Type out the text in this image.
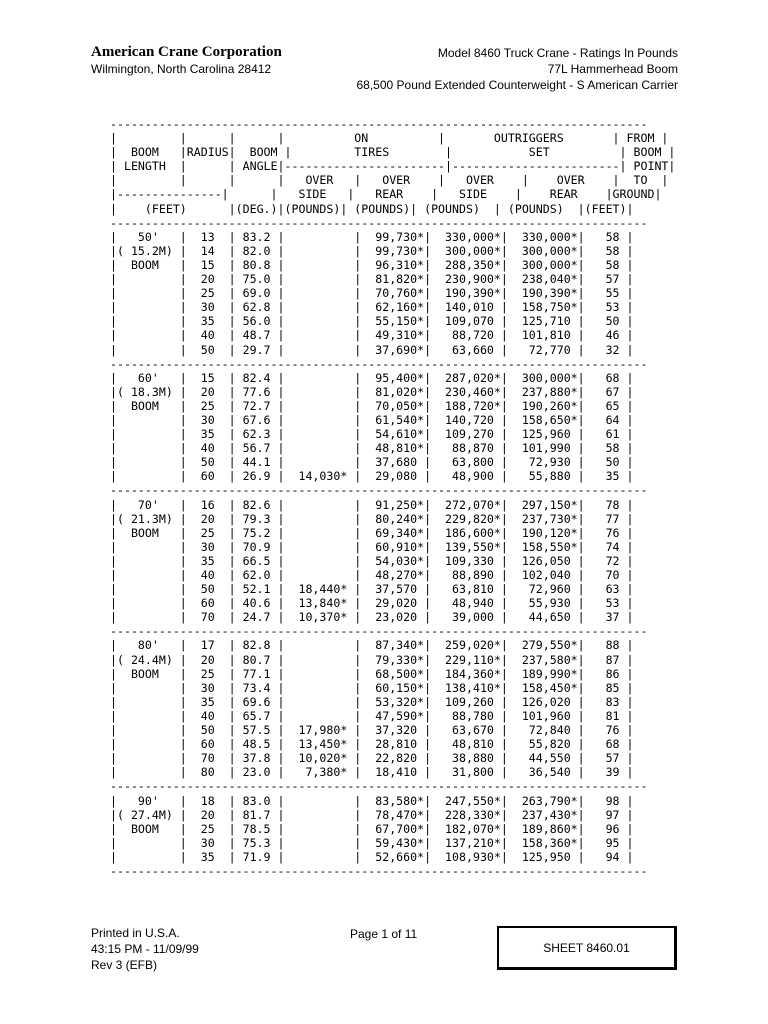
American Crane Corporation
Wilmington, North Carolina 28412
Model 8460 Truck Crane - Ratings In Pounds
77L Hammerhead Boom
68,500 Pound Extended Counterweight - S American Carrier
-----------------------------------------------------------------------------
|         |      |      |          ON          |       OUTRIGGERS       | FROM |
|  BOOM   |RADIUS|  BOOM |         TIRES        |           SET          | BOOM |
| LENGTH  |      | ANGLE|-----------------------|------------------------| POINT|
|         |      |      |   OVER   |   OVER    |   OVER    |    OVER    |  TO  |
|---------------|      |   SIDE   |   REAR    |   SIDE    |    REAR    |GROUND|
|    (FEET)      |(DEG.)|(POUNDS)| (POUNDS)| (POUNDS)  | (POUNDS)  |(FEET)|
-----------------------------------------------------------------------------
|   50'   |  13  | 83.2 |          |  99,730*|  330,000*|  330,000*|   58 |
|( 15.2M) |  14  | 82.0 |          |  99,730*|  300,000*|  300,000*|   58 |
|  BOOM   |  15  | 80.8 |          |  96,310*|  288,350*|  300,000*|   58 |
|         |  20  | 75.0 |          |  81,820*|  230,900*|  238,040*|   57 |
|         |  25  | 69.0 |          |  70,760*|  190,390*|  190,390*|   55 |
|         |  30  | 62.8 |          |  62,160*|  140,010 |  158,750*|   53 |
|         |  35  | 56.0 |          |  55,150*|  109,070 |  125,710 |   50 |
|         |  40  | 48.7 |          |  49,310*|   88,720 |  101,810 |   46 |
|         |  50  | 29.7 |          |  37,690*|   63,660 |   72,770 |   32 |
-----------------------------------------------------------------------------
|   60'   |  15  | 82.4 |          |  95,400*|  287,020*|  300,000*|   68 |
|( 18.3M) |  20  | 77.6 |          |  81,020*|  230,460*|  237,880*|   67 |
|  BOOM   |  25  | 72.7 |          |  70,050*|  188,720*|  190,260*|   65 |
|         |  30  | 67.6 |          |  61,540*|  140,720 |  158,650*|   64 |
|         |  35  | 62.3 |          |  54,610*|  109,270 |  125,960 |   61 |
|         |  40  | 56.7 |          |  48,810*|   88,870 |  101,990 |   58 |
|         |  50  | 44.1 |          |  37,680 |   63,800 |   72,930 |   50 |
|         |  60  | 26.9 |  14,030* |  29,080 |   48,900 |   55,880 |   35 |
-----------------------------------------------------------------------------
|   70'   |  16  | 82.6 |          |  91,250*|  272,070*|  297,150*|   78 |
|( 21.3M) |  20  | 79.3 |          |  80,240*|  229,820*|  237,730*|   77 |
|  BOOM   |  25  | 75.2 |          |  69,340*|  186,600*|  190,120*|   76 |
|         |  30  | 70.9 |          |  60,910*|  139,550*|  158,550*|   74 |
|         |  35  | 66.5 |          |  54,030*|  109,330 |  126,050 |   72 |
|         |  40  | 62.0 |          |  48,270*|   88,890 |  102,040 |   70 |
|         |  50  | 52.1 |  18,440* |  37,570 |   63,810 |   72,960 |   63 |
|         |  60  | 40.6 |  13,840* |  29,020 |   48,940 |   55,930 |   53 |
|         |  70  | 24.7 |  10,370* |  23,020 |   39,000 |   44,650 |   37 |
-----------------------------------------------------------------------------
|   80'   |  17  | 82.8 |          |  87,340*|  259,020*|  279,550*|   88 |
|( 24.4M) |  20  | 80.7 |          |  79,330*|  229,110*|  237,580*|   87 |
|  BOOM   |  25  | 77.1 |          |  68,500*|  184,360*|  189,990*|   86 |
|         |  30  | 73.4 |          |  60,150*|  138,410*|  158,450*|   85 |
|         |  35  | 69.6 |          |  53,320*|  109,260 |  126,020 |   83 |
|         |  40  | 65.7 |          |  47,590*|   88,780 |  101,960 |   81 |
|         |  50  | 57.5 |  17,980* |  37,320 |   63,670 |   72,840 |   76 |
|         |  60  | 48.5 |  13,450* |  28,810 |   48,810 |   55,820 |   68 |
|         |  70  | 37.8 |  10,020* |  22,820 |   38,880 |   44,550 |   57 |
|         |  80  | 23.0 |   7,380* |  18,410 |   31,800 |   36,540 |   39 |
-----------------------------------------------------------------------------
|   90'   |  18  | 83.0 |          |  83,580*|  247,550*|  263,790*|   98 |
|( 27.4M) |  20  | 81.7 |          |  78,470*|  228,330*|  237,430*|   97 |
|  BOOM   |  25  | 78.5 |          |  67,700*|  182,070*|  189,860*|   96 |
|         |  30  | 75.3 |          |  59,430*|  137,210*|  158,360*|   95 |
|         |  35  | 71.9 |          |  52,660*|  108,930*|  125,950 |   94 |
-----------------------------------------------------------------------------
Printed in U.S.A.
43:15 PM - 11/09/99
Rev 3 (EFB)
Page 1 of 11
SHEET 8460.01
